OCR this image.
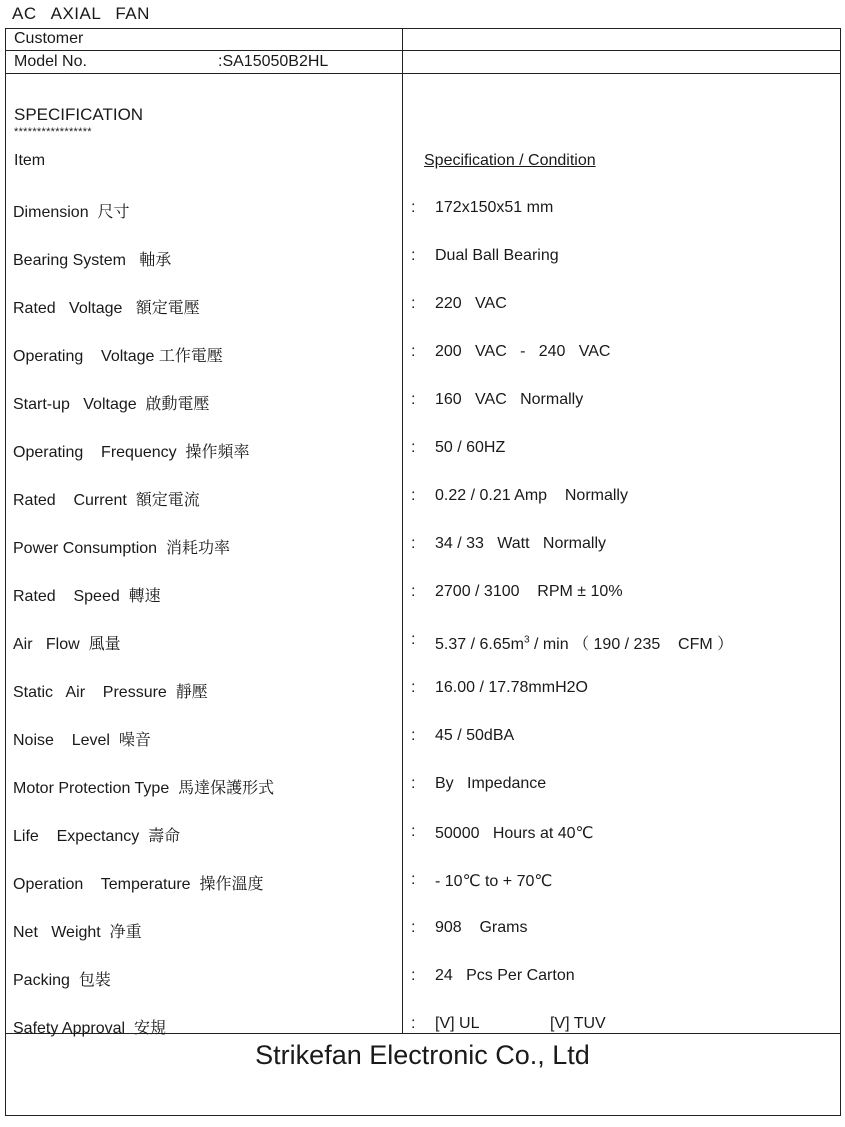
AC AXIAL FAN
Customer
Model No.	:SA15050B2HL
SPECIFICATION
*****************
Item	Specification / Condition
Dimension  尺寸	: 172x150x51 mm
Bearing System   軸承	: Dual Ball Bearing
Rated   Voltage   額定電壓	: 220   VAC
Operating    Voltage 工作電壓	: 200   VAC   -   240   VAC
Start-up   Voltage  啟動電壓	: 160   VAC   Normally
Operating    Frequency  操作頻率	: 50 / 60HZ
Rated    Current  額定電流	: 0.22 / 0.21 Amp    Normally
Power Consumption  消耗功率	: 34 / 33   Watt   Normally
Rated    Speed  轉速	: 2700 / 3100    RPM ± 10%
Air   Flow  風量	: $5.37 / 6.65m^3$ / min （ 190 / 235    CFM ）
Static   Air    Pressure  靜壓	: 16.00 / 17.78mmH2O
Noise    Level  噪音	: 45 / 50dBA
Motor Protection Type  馬達保護形式	: By   Impedance
Life    Expectancy  壽命	: 50000   Hours at 40℃
Operation    Temperature  操作溫度	: - 10℃ to + 70℃
Net   Weight  净重	: 908    Grams
Packing  包裝	: 24   Pcs Per Carton
Safety Approval  安規	: [V] UL                [V] TUV
Strikefan Electronic Co., Ltd
